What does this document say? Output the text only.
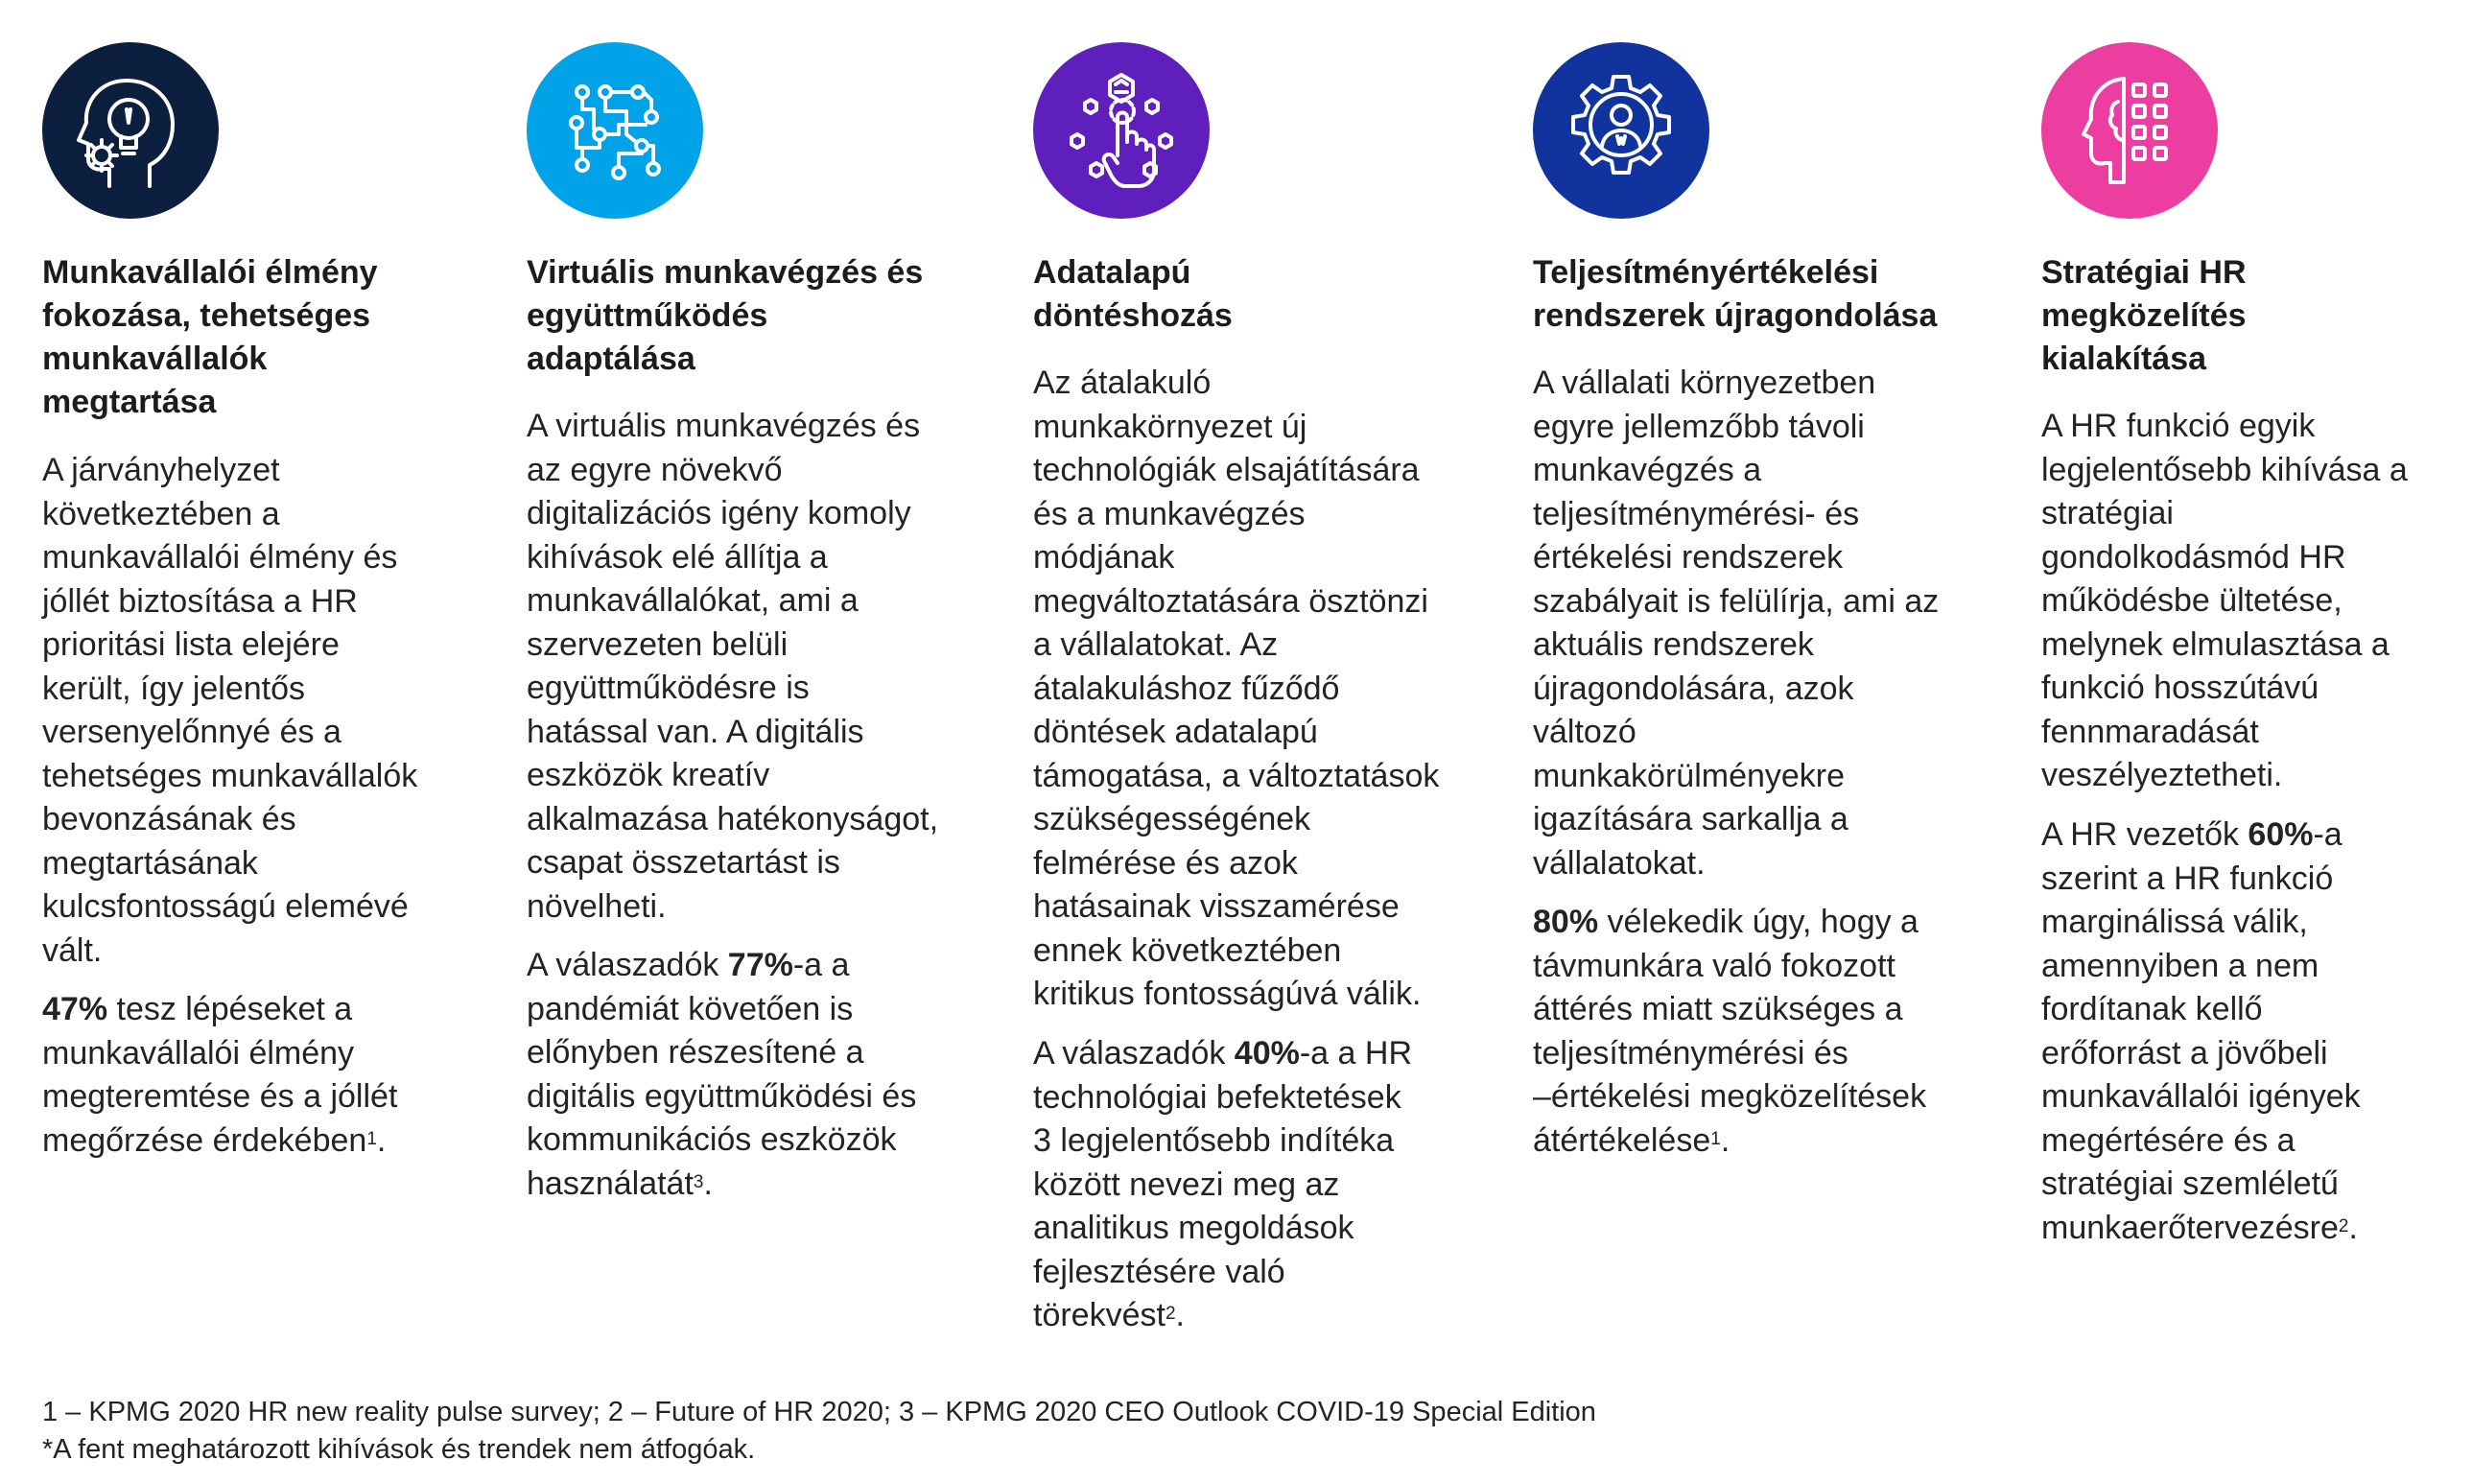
Munkavállalói élmény
fokozása, tehetséges
munkavállalók
megtartása
A járványhelyzet
következtében a
munkavállalói élmény és
jóllét biztosítása a HR
prioritási lista elejére
került, így jelentős
versenyelőnnyé és a
tehetséges munkavállalók
bevonzásának és
megtartásának
kulcsfontosságú elemévé
vált.
47% tesz lépéseket a
munkavállalói élmény
megteremtése és a jóllét
megőrzése érdekében$^1$.
Virtuális munkavégzés és
együttműködés
adaptálása
A virtuális munkavégzés és
az egyre növekvő
digitalizációs igény komoly
kihívások elé állítja a
munkavállalókat, ami a
szervezeten belüli
együttműködésre is
hatással van. A digitális
eszközök kreatív
alkalmazása hatékonyságot,
csapat összetartást is
növelheti.
A válaszadók 77%-a a
pandémiát követően is
előnyben részesítené a
digitális együttműködési és
kommunikációs eszközök
használatát$^3$.
Adatalapú
döntéshozás
Az átalakuló
munkakörnyezet új
technológiák elsajátítására
és a munkavégzés
módjának
megváltoztatására ösztönzi
a vállalatokat. Az
átalakuláshoz fűződő
döntések adatalapú
támogatása, a változtatások
szükségességének
felmérése és azok
hatásainak visszamérése
ennek következtében
kritikus fontosságúvá válik.
A válaszadók 40%-a a HR
technológiai befektetések
3 legjelentősebb indítéka
között nevezi meg az
analitikus megoldások
fejlesztésére való
törekvést$^2$.
Teljesítményértékelési
rendszerek újragondolása
A vállalati környezetben
egyre jellemzőbb távoli
munkavégzés a
teljesítménymérési- és
értékelési rendszerek
szabályait is felülírja, ami az
aktuális rendszerek
újragondolására, azok
változó
munkakörülményekre
igazítására sarkallja a
vállalatokat.
80% vélekedik úgy, hogy a
távmunkára való fokozott
áttérés miatt szükséges a
teljesítménymérési és
–értékelési megközelítések
átértékelése$^1$.
Stratégiai HR
megközelítés
kialakítása
A HR funkció egyik
legjelentősebb kihívása a
stratégiai
gondolkodásmód HR
működésbe ültetése,
melynek elmulasztása a
funkció hosszútávú
fennmaradását
veszélyeztetheti.
A HR vezetők 60%-a
szerint a HR funkció
marginálissá válik,
amennyiben a nem
fordítanak kellő
erőforrást a jövőbeli
munkavállalói igények
megértésére és a
stratégiai szemléletű
munkaerőtervezésre$^2$.
1 – KPMG 2020 HR new reality pulse survey; 2 – Future of HR 2020; 3 – KPMG 2020 CEO Outlook COVID-19 Special Edition
*A fent meghatározott kihívások és trendek nem átfogóak.
